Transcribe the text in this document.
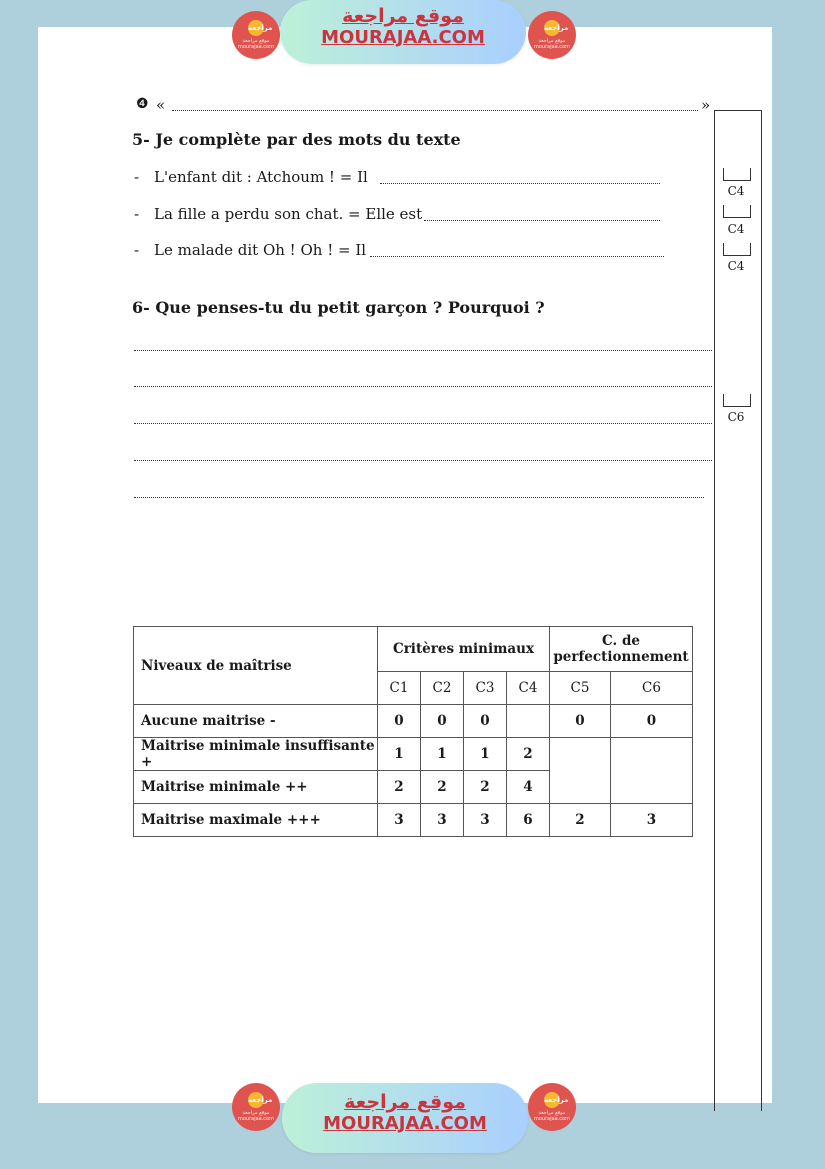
مراجعة
موقع مراجعة mourajaa.com
موقع مراجعة
MOURAJAA.COM	مراجعة
موقع مراجعة mourajaa.com
❹ «	»
5- Je complète par des mots du texte
- L'enfant dit : Atchoum ! = Il
- La fille a perdu son chat. = Elle est
- Le malade dit Oh ! Oh ! = Il
C4
C4
C4
6- Que penses-tu du petit garçon ? Pourquoi ?
C6
Niveaux de maîtrise	Critères minimaux				C. de perfectionnement	
	C1	C2	C3	C4	C5	C6
Aucune maitrise -	0	0	0		0	0
Maitrise minimale insuffisante +	1	1	1	2		
Maitrise minimale ++	2	2	2	4		
Maitrise maximale +++	3	3	3	6	2	3
مراجعة
موقع مراجعة mourajaa.com
موقع مراجعة
MOURAJAA.COM
مراجعة
موقع مراجعة mourajaa.com
